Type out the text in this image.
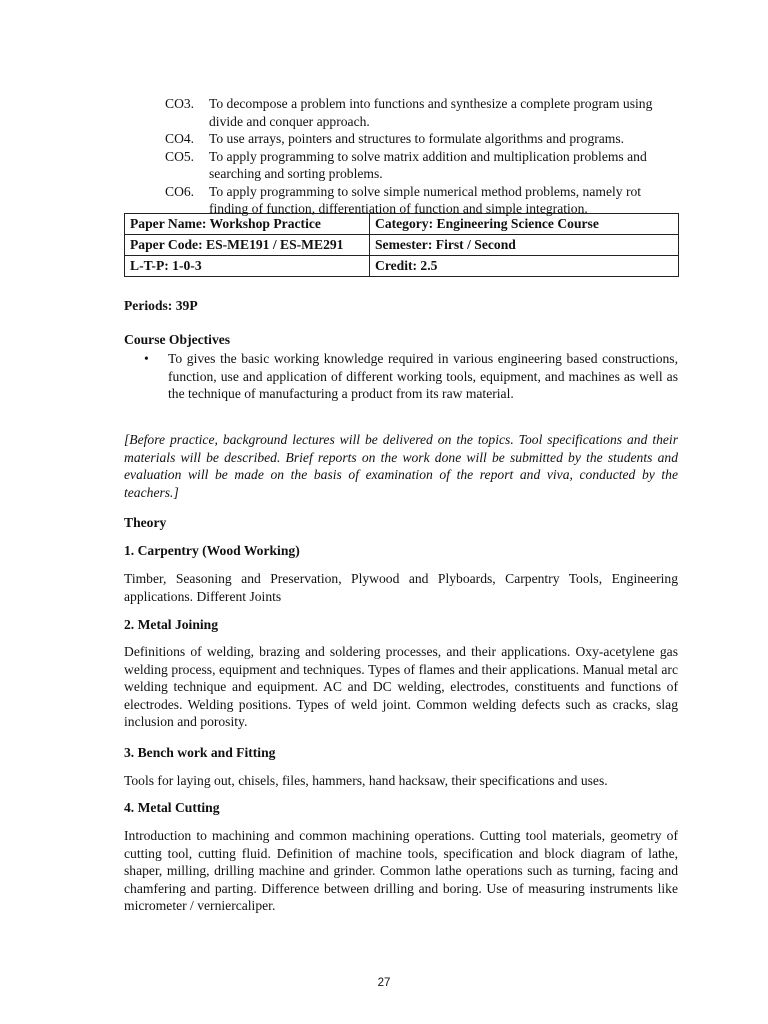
CO3.	To decompose a problem into functions and synthesize a complete program using divide and conquer approach.
CO4.	To use arrays, pointers and structures to formulate algorithms and programs.
CO5.	To apply programming to solve matrix addition and multiplication problems and searching and sorting problems.
CO6.	To apply programming to solve simple numerical method problems, namely rot finding of function, differentiation of function and simple integration.
Paper Name: Workshop Practice	Category: Engineering Science Course
Paper Code: ES-ME191 / ES-ME291	Semester: First / Second
L-T-P: 1-0-3	Credit: 2.5
Periods: 39P
Course Objectives
•	To gives the basic working knowledge required in various engineering based constructions, function, use and application of different working tools, equipment, and machines as well as the technique of manufacturing a product from its raw material.
[Before practice, background lectures will be delivered on the topics. Tool specifications and their materials will be described. Brief reports on the work done will be submitted by the students and evaluation will be made on the basis of examination of the report and viva, conducted by the teachers.]
Theory
1. Carpentry (Wood Working)
Timber, Seasoning and Preservation, Plywood and Plyboards, Carpentry Tools, Engineering applications. Different Joints
2. Metal Joining
Definitions of welding, brazing and soldering processes, and their applications. Oxy-acetylene gas welding process, equipment and techniques. Types of flames and their applications. Manual metal arc welding technique and equipment. AC and DC welding, electrodes, constituents and functions of electrodes. Welding positions. Types of weld joint. Common welding defects such as cracks, slag inclusion and porosity.
3. Bench work and Fitting
Tools for laying out, chisels, files, hammers, hand hacksaw, their specifications and uses.
4. Metal Cutting
Introduction to machining and common machining operations. Cutting tool materials, geometry of cutting tool, cutting fluid. Definition of machine tools, specification and block diagram of lathe, shaper, milling, drilling machine and grinder. Common lathe operations such as turning, facing and chamfering and parting. Difference between drilling and boring. Use of measuring instruments like micrometer / verniercaliper.
27
